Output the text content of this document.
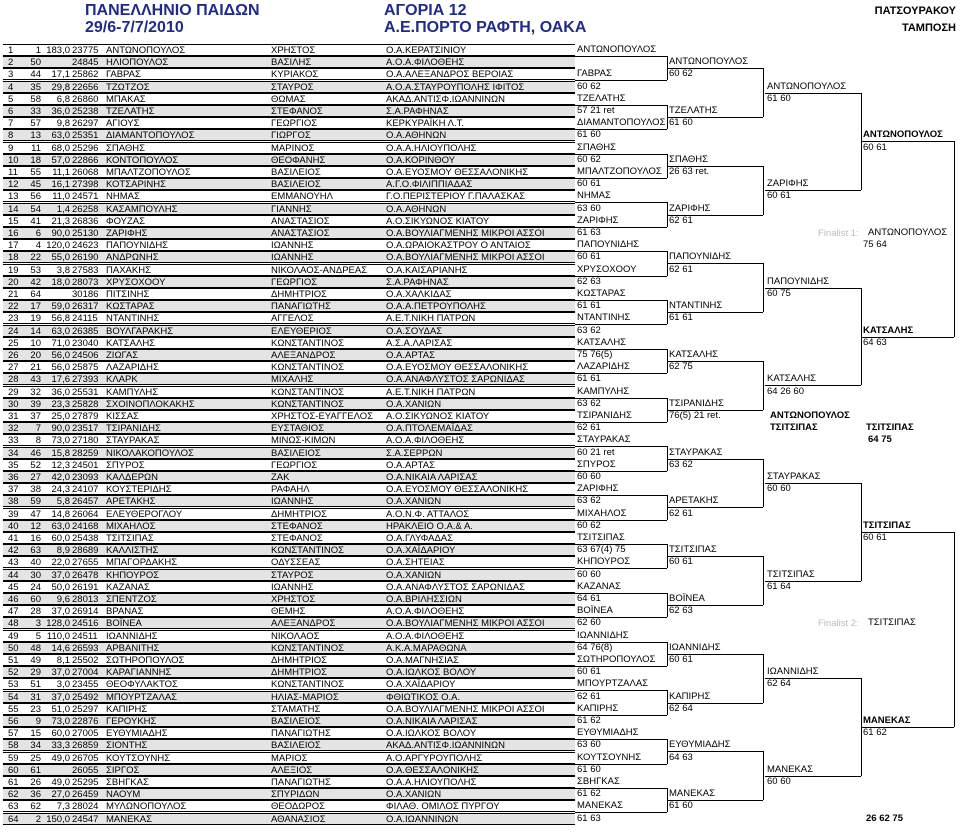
ΠΑΝΕΛΛΗΝΙΟ ΠΑΙΔΩΝ
29/6-7/7/2010
ΑΓΟΡΙΑ 12
Α.Ε.ΠΟΡΤΟ ΡΑΦΤΗ, ΟΑΚΑ
ΠΑΤΣΟΥΡΑΚΟΥ
ΤΑΜΠΟΣΗ
1	1 183,0 23775 ΑΝΤΩΝΟΠΟΥΛΟΣ	ΧΡΗΣΤΟΣ	Ο.Α.ΚΕΡΑΤΣΙΝΙΟΥ
2	50	24845 ΗΛΙΟΠΟΥΛΟΣ	ΒΑΣΙΛΗΣ	Α.Ο.Α.ΦΙΛΟΘΕΗΣ
3	44	17,1 25862 ΓΑΒΡΑΣ	ΚΥΡΙΑΚΟΣ	Ο.Α.ΑΛΕΞΑΝΔΡΟΣ ΒΕΡΟΙΑΣ
4	35	29,8 22656 ΤΖΩΤΖΟΣ	ΣΤΑΥΡΟΣ	Α.Ο.Α.ΣΤΑΥΡΟΥΠΟΛΗΣ ΙΦΙΤΟΣ
5	58	6,8 26860 ΜΠΑΚΑΣ	ΘΩΜΑΣ	ΑΚΑΔ.ΑΝΤΙΣΦ.ΙΩΑΝΝΙΝΩΝ
6	33	36,0 25238 ΤΖΕΛΑΤΗΣ	ΣΤΕΦΑΝΟΣ	Σ.Α.ΡΑΦΗΝΑΣ
7	57	9,8 26297 ΑΓΙΟΥΣ	ΓΕΩΡΓΙΟΣ	ΚΕΡΚΥΡΑΪΚΗ Λ.Τ.
8	13	63,0 25351 ΔΙΑΜΑΝΤΟΠΟΥΛΟΣ	ΓΙΩΡΓΟΣ	Ο.Α.ΑΘΗΝΩΝ
9	11	68,0 25296 ΣΠΑΘΗΣ	ΜΑΡΙΝΟΣ	Ο.Α.Α.ΗΛΙΟΥΠΟΛΗΣ
10	18	57,0 22866 ΚΟΝΤΟΠΟΥΛΟΣ	ΘΕΟΦΑΝΗΣ	Ο.Α.ΚΟΡΙΝΘΟΥ
11	55	11,1 26068 ΜΠΑΛΤΖΟΠΟΥΛΟΣ	ΒΑΣΙΛΕΙΟΣ	Ο.Α.ΕΥΟΣΜΟΥ ΘΕΣΣΑΛΟΝΙΚΗΣ
12	45	16,1 27398 ΚΟΤΣΑΡΙΝΗΣ	ΒΑΣΙΛΕΙΟΣ	Α.Γ.Ο.ΦΙΛΙΠΠΙΑΔΑΣ
13	56	11,0 24571 ΝΗΜΑΣ	ΕΜΜΑΝΟΥΗΛ	Γ.Ο.ΠΕΡΙΣΤΕΡΙΟΥ Γ.ΠΑΛΑΣΚΑΣ
14	54	1,4 26258 ΚΑΣΑΜΠΟΥΛΗΣ	ΓΙΑΝΝΗΣ	Ο.Α.ΑΘΗΝΩΝ
15	41	21,3 26836 ΦΟΥΖΑΣ	ΑΝΑΣΤΑΣΙΟΣ	Α.Ο.ΣΙΚΥΩΝΟΣ ΚΙΑΤΟΥ
16	6	90,0 25130 ΖΑΡΙΦΗΣ	ΑΝΑΣΤΑΣΙΟΣ	Ο.Α.ΒΟΥΛΙΑΓΜΕΝΗΣ ΜΙΚΡΟΙ ΑΣΣΟΙ
17	4 120,0 24623 ΠΑΠΟΥΝΙΔΗΣ	ΙΩΑΝΝΗΣ	Ο.Α.ΩΡΑΙΟΚΑΣΤΡΟΥ Ο ΑΝΤΑΙΟΣ
18	22	55,0 26190 ΑΝΔΡΩΝΗΣ	ΙΩΑΝΝΗΣ	Ο.Α.ΒΟΥΛΙΑΓΜΕΝΗΣ ΜΙΚΡΟΙ ΑΣΣΟΙ
19	53	3,8 27583 ΠΑΧΑΚΗΣ	ΝΙΚΟΛΑΟΣ-ΑΝΔΡΕΑΣ	Ο.Α.ΚΑΙΣΑΡΙΑΝΗΣ
20	42	18,0 28073 ΧΡΥΣΟΧΟΟΥ	ΓΕΩΡΓΙΟΣ	Σ.Α.ΡΑΦΗΝΑΣ
21	64	30186 ΠΙΤΣΙΝΗΣ	ΔΗΜΗΤΡΙΟΣ	Ο.Α.ΧΑΛΚΙΔΑΣ
22	17	59,0 26317 ΚΩΣΤΑΡΑΣ	ΠΑΝΑΓΙΩΤΗΣ	Ο.Α.Α.ΠΕΤΡΟΥΠΟΛΗΣ
23	19	56,8 24115 ΝΤΑΝΤΙΝΗΣ	ΑΓΓΕΛΟΣ	Α.Ε.Τ.ΝΙΚΗ ΠΑΤΡΩΝ
24	14	63,0 26385 ΒΟΥΛΓΑΡΑΚΗΣ	ΕΛΕΥΘΕΡΙΟΣ	Ο.Α.ΣΟΥΔΑΣ
25	10	71,0 23040 ΚΑΤΣΑΛΗΣ	ΚΩΝΣΤΑΝΤΙΝΟΣ	Α.Σ.Α.ΛΑΡΙΣΑΣ
26	20	56,0 24506 ΖΙΩΓΑΣ	ΑΛΕΞΑΝΔΡΟΣ	Ο.Α.ΑΡΤΑΣ
27	21	56,0 25875 ΛΑΖΑΡΙΔΗΣ	ΚΩΝΣΤΑΝΤΙΝΟΣ	Ο.Α.ΕΥΟΣΜΟΥ ΘΕΣΣΑΛΟΝΙΚΗΣ
28	43	17,6 27393 ΚΛΑΡΚ	ΜΙΧΑΛΗΣ	Ο.Α.ΑΝΑΦΛΥΣΤΟΣ ΣΑΡΩΝΙΔΑΣ
29	32	36,0 25531 ΚΑΜΠΥΛΗΣ	ΚΩΝΣΤΑΝΤΙΝΟΣ	Α.Ε.Τ.ΝΙΚΗ ΠΑΤΡΩΝ
30	39	23,3 25828 ΣΧΟΙΝΟΠΛΟΚΑΚΗΣ	ΚΩΝΣΤΑΝΤΙΝΟΣ	Ο.Α.ΧΑΝΙΩΝ
31	37	25,0 27879 ΚΙΣΣΑΣ	ΧΡΗΣΤΟΣ-ΕΥΑΓΓΕΛΟΣ	Α.Ο.ΣΙΚΥΩΝΟΣ ΚΙΑΤΟΥ
32	7	90,0 23517 ΤΣΙΡΑΝΙΔΗΣ	ΕΥΣΤΑΘΙΟΣ	Ο.Α.ΠΤΟΛΕΜΑΪΔΑΣ
33	8	73,0 27180 ΣΤΑΥΡΑΚΑΣ	ΜΙΝΩΣ-ΚΙΜΩΝ	Α.Ο.Α.ΦΙΛΟΘΕΗΣ
34	46	15,8 28259 ΝΙΚΟΛΑΚΟΠΟΥΛΟΣ	ΒΑΣΙΛΕΙΟΣ	Σ.Α.ΣΕΡΡΩΝ
35	52	12,3 24501 ΣΠΥΡΟΣ	ΓΕΩΡΓΙΟΣ	Ο.Α.ΑΡΤΑΣ
36	27	42,0 23093 ΚΑΛΔΕΡΩΝ	ΖΑΚ	Ο.Α.ΝΙΚΑΙΑ ΛΑΡΙΣΑΣ
37	38	24,3 24107 ΚΟΥΣΤΕΡΙΔΗΣ	ΡΑΦΑΗΛ	Ο.Α.ΕΥΟΣΜΟΥ ΘΕΣΣΑΛΟΝΙΚΗΣ
38	59	5,8 26457 ΑΡΕΤΑΚΗΣ	ΙΩΑΝΝΗΣ	Ο.Α.ΧΑΝΙΩΝ
39	47	14,8 26064 ΕΛΕΥΘΕΡΟΓΛΟΥ	ΔΗΜΗΤΡΙΟΣ	Α.Ο.Ν.Φ. ΑΤΤΑΛΟΣ
40	12	63,0 24168 ΜΙΧΑΗΛΟΣ	ΣΤΕΦΑΝΟΣ	ΗΡΑΚΛΕΙΟ Ο.Α.& Α.
41	16	60,0 25438 ΤΣΙΤΣΙΠΑΣ	ΣΤΕΦΑΝΟΣ	Ο.Α.ΓΛΥΦΑΔΑΣ
42	63	8,9 28689 ΚΑΛΛΙΣΤΗΣ	ΚΩΝΣΤΑΝΤΙΝΟΣ	Ο.Α.ΧΑΪΔΑΡΙΟΥ
43	40	22,0 27655 ΜΠΑΓΟΡΔΑΚΗΣ	ΟΔΥΣΣΕΑΣ	Ο.Α.ΣΗΤΕΙΑΣ
44	30	37,0 26478 ΚΗΠΟΥΡΟΣ	ΣΤΑΥΡΟΣ	Ο.Α.ΧΑΝΙΩΝ
45	24	50,0 26191 ΚΑΖΑΝΑΣ	ΙΩΑΝΝΗΣ	Ο.Α.ΑΝΑΦΛΥΣΤΟΣ ΣΑΡΩΝΙΔΑΣ
46	60	9,6 28013 ΣΠΕΝΤΖΟΣ	ΧΡΗΣΤΟΣ	Ο.Α.ΒΡΙΛΗΣΣΙΩΝ
47	28	37,0 26914 ΒΡΑΝΑΣ	ΘΕΜΗΣ	Α.Ο.Α.ΦΙΛΟΘΕΗΣ
48	3 128,0 24516 ΒΟΪΝΕΑ	ΑΛΕΞΑΝΔΡΟΣ	Ο.Α.ΒΟΥΛΙΑΓΜΕΝΗΣ ΜΙΚΡΟΙ ΑΣΣΟΙ
49	5 110,0 24511 ΙΩΑΝΝΙΔΗΣ	ΝΙΚΟΛΑΟΣ	Α.Ο.Α.ΦΙΛΟΘΕΗΣ
50	48	14,6 26593 ΑΡΒΑΝΙΤΗΣ	ΚΩΝΣΤΑΝΤΙΝΟΣ	Α.Κ.Α.ΜΑΡΑΘΩΝΑ
51	49	8,1 25502 ΣΩΤΗΡΟΠΟΥΛΟΣ	ΔΗΜΗΤΡΙΟΣ	Ο.Α.ΜΑΓΝΗΣΙΑΣ
52	29	37,0 27004 ΚΑΡΑΓΙΑΝΝΗΣ	ΔΗΜΗΤΡΙΟΣ	Ο.Α.ΙΩΛΚΟΣ ΒΟΛΟΥ
53	51	3,0 23455 ΘΕΟΦΥΛΑΚΤΟΣ	ΚΩΝΣΤΑΝΤΙΝΟΣ	Ο.Α.ΧΑΪΔΑΡΙΟΥ
54	31	37,0 25492 ΜΠΟΥΡΤΖΑΛΑΣ	ΗΛΙΑΣ-ΜΑΡΙΟΣ	ΦΘΙΩΤΙΚΟΣ Ο.Α.
55	23	51,0 25297 ΚΑΠΙΡΗΣ	ΣΤΑΜΑΤΗΣ	Ο.Α.ΒΟΥΛΙΑΓΜΕΝΗΣ ΜΙΚΡΟΙ ΑΣΣΟΙ
56	9	73,0 22876 ΓΕΡΟΥΚΗΣ	ΒΑΣΙΛΕΙΟΣ	Ο.Α.ΝΙΚΑΙΑ ΛΑΡΙΣΑΣ
57	15	60,0 27005 ΕΥΘΥΜΙΑΔΗΣ	ΠΑΝΑΓΙΩΤΗΣ	Ο.Α.ΙΩΛΚΟΣ ΒΟΛΟΥ
58	34	33,3 26859 ΣΙΟΝΤΗΣ	ΒΑΣΙΛΕΙΟΣ	ΑΚΑΔ.ΑΝΤΙΣΦ.ΙΩΑΝΝΙΝΩΝ
59	25	49,0 26705 ΚΟΥΤΣΟΥΝΗΣ	ΜΑΡΙΟΣ	Α.Ο.ΑΡΓΥΡΟΥΠΟΛΗΣ
60	61	26055 ΣΙΡΓΟΣ	ΑΛΕΞΙΟΣ	Ο.Α.ΘΕΣΣΑΛΟΝΙΚΗΣ
61	26	49,0 25295 ΣΒΗΓΚΑΣ	ΠΑΝΑΓΙΩΤΗΣ	Ο.Α.Α.ΗΛΙΟΥΠΟΛΗΣ
62	36	27,0 26459 ΝΑΟΥΜ	ΣΠΥΡΙΔΩΝ	Ο.Α.ΧΑΝΙΩΝ
63	62	7,3 28024 ΜΥΛΩΝΟΠΟΥΛΟΣ	ΘΕΟΔΩΡΟΣ	ΦΙΛΑΘ. ΟΜΙΛΟΣ ΠΥΡΓΟΥ
64	2 150,0 24547 ΜΑΝΕΚΑΣ	ΑΘΑΝΑΣΙΟΣ	Ο.Α.ΙΩΑΝΝΙΝΩΝ
ΑΝΤΩΝΟΠΟΥΛΟΣ
ΓΑΒΡΑΣ
60 62
ΤΖΕΛΑΤΗΣ
57 21 ret
ΔΙΑΜΑΝΤΟΠΟΥΛΟΣ
61 60
ΣΠΑΘΗΣ
60 62
ΜΠΑΛΤΖΟΠΟΥΛΟΣ
60 61
ΝΗΜΑΣ
63 60
ΖΑΡΙΦΗΣ
61 63
ΠΑΠΟΥΝΙΔΗΣ
60 61
ΧΡΥΣΟΧΟΟΥ
62 63
ΚΩΣΤΑΡΑΣ
61 61
ΝΤΑΝΤΙΝΗΣ
63 62
ΚΑΤΣΑΛΗΣ
75 76(5)
ΛΑΖΑΡΙΔΗΣ
61 61
ΚΑΜΠΥΛΗΣ
63 62
ΤΣΙΡΑΝΙΔΗΣ
62 61
ΣΤΑΥΡΑΚΑΣ
60 21 ret
ΣΠΥΡΟΣ
60 60
ΖΑΡΙΦΗΣ
63 62
ΜΙΧΑΗΛΟΣ
60 62
ΤΣΙΤΣΙΠΑΣ
63 67(4) 75
ΚΗΠΟΥΡΟΣ
60 60
ΚΑΖΑΝΑΣ
64 61
ΒΟΪΝΕΑ
62 60
ΙΩΑΝΝΙΔΗΣ
64 76(8)
ΣΩΤΗΡΟΠΟΥΛΟΣ
60 61
ΜΠΟΥΡΤΖΑΛΑΣ
62 61
ΚΑΠΙΡΗΣ
61 62
ΕΥΘΥΜΙΑΔΗΣ
63 60
ΚΟΥΤΣΟΥΝΗΣ
61 60
ΣΒΗΓΚΑΣ
61 62
ΜΑΝΕΚΑΣ
61 63
ΑΝΤΩΝΟΠΟΥΛΟΣ
60 62
ΤΖΕΛΑΤΗΣ
61 60
ΣΠΑΘΗΣ
26 63 ret.
ΖΑΡΙΦΗΣ
62 61
ΠΑΠΟΥΝΙΔΗΣ
62 61
ΝΤΑΝΤΙΝΗΣ
61 61
ΚΑΤΣΑΛΗΣ
62 75
ΤΣΙΡΑΝΙΔΗΣ
76(5) 21 ret.
ΣΤΑΥΡΑΚΑΣ
63 62
ΑΡΕΤΑΚΗΣ
62 61
ΤΣΙΤΣΙΠΑΣ
60 61
ΒΟΪΝΕΑ
62 63
ΙΩΑΝΝΙΔΗΣ
60 61
ΚΑΠΙΡΗΣ
62 64
ΕΥΘΥΜΙΑΔΗΣ
64 63
ΜΑΝΕΚΑΣ
61 60
ΑΝΤΩΝΟΠΟΥΛΟΣ
61 60
ΖΑΡΙΦΗΣ
60 61
ΠΑΠΟΥΝΙΔΗΣ
60 75
ΚΑΤΣΑΛΗΣ
64 26 60
ΣΤΑΥΡΑΚΑΣ
60 60
ΤΣΙΤΣΙΠΑΣ
61 64
ΙΩΑΝΝΙΔΗΣ
62 64
ΜΑΝΕΚΑΣ
60 60
ΑΝΤΩΝΟΠΟΥΛΟΣ
60 61
ΚΑΤΣΑΛΗΣ
64 63
ΤΣΙΤΣΙΠΑΣ
60 61
ΜΑΝΕΚΑΣ
61 62
Finalist 1: ΑΝΤΩΝΟΠΟΥΛΟΣ
75 64
Finalist 2: ΤΣΙΤΣΙΠΑΣ
ΤΣΙΤΣΙΠΑΣ
64 75
ΑΝΤΩΝΟΠΟΥΛΟΣ
ΤΣΙΤΣΙΠΑΣ
26 62 75
